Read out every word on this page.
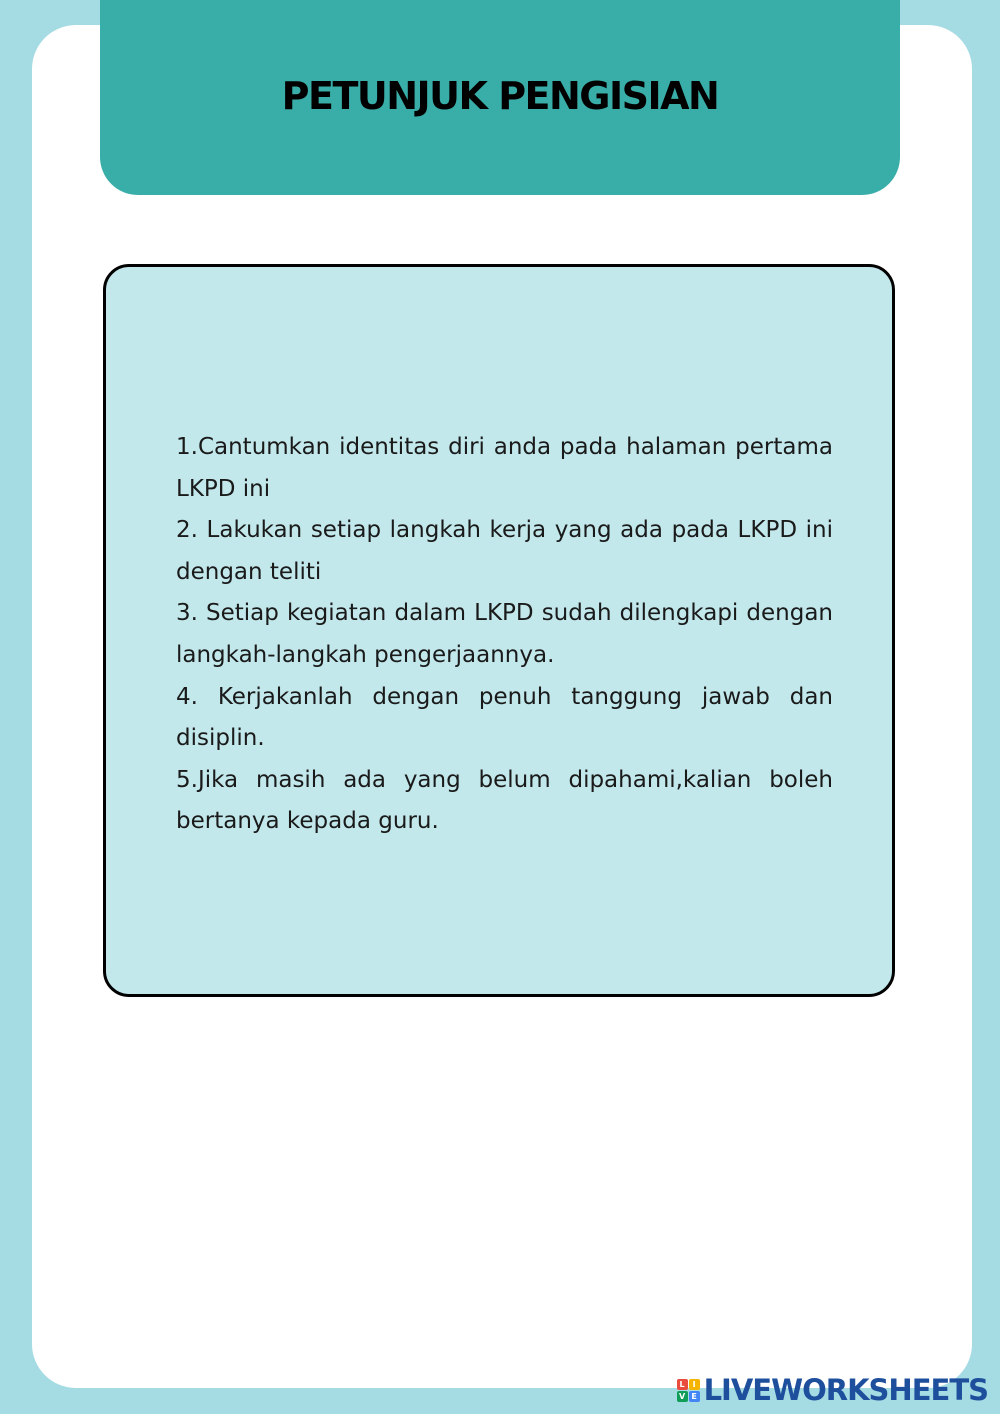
PETUNJUK PENGISIAN
1.Cantumkan identitas diri anda pada halaman pertama LKPD ini
2. Lakukan setiap langkah kerja yang ada pada LKPD ini dengan teliti
3. Setiap kegiatan dalam LKPD sudah dilengkapi dengan langkah-langkah pengerjaannya.
4. Kerjakanlah dengan penuh tanggung jawab dan disiplin.
5.Jika masih ada yang belum dipahami,kalian boleh bertanya kepada guru.
L I
V E LIVEWORKSHEETS
